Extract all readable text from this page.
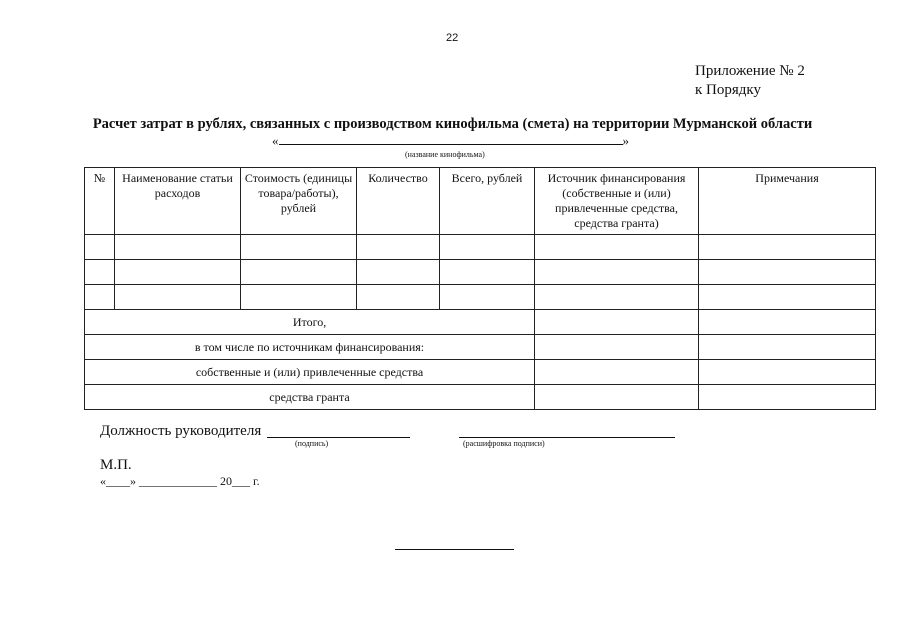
22
Приложение № 2
к Порядку
Расчет затрат в рублях, связанных с производством кинофильма (смета) на территории Мурманской области
«	»
(название кинофильма)
№	Наименование статьи расходов	Стоимость (единицы товара/работы), рублей	Количество	Всего, рублей	Источник финансирования (собственные и (или) привлеченные средства, средства гранта)	Примечания

Итого,						
в том числе по источникам финансирования:						
собственные и (или) привлеченные средства						
средства гранта						
Должность руководителя
(подпись)	(расшифровка подписи)
М.П.
«____» _____________ 20___ г.
